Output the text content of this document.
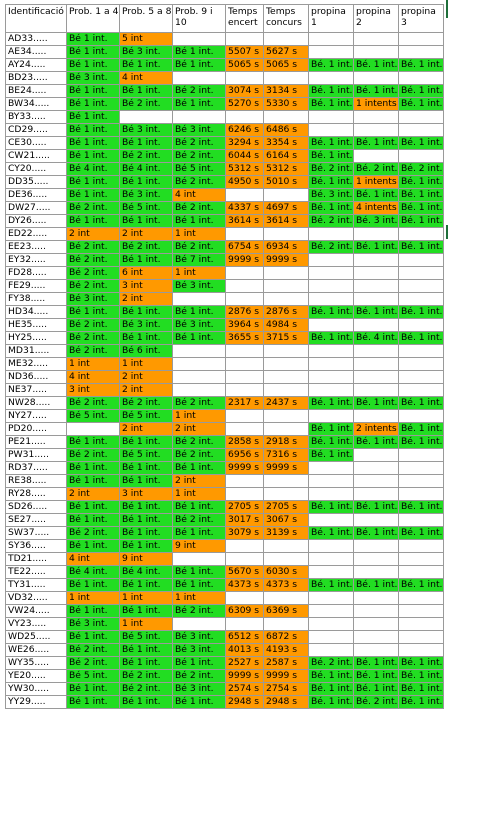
Identificació	Prob. 1 a 4	Prob. 5 a 8	Prob. 9 i 10	Temps encert	Temps concurs	propina 1	propina 2	propina 3
AD33.....	Bé 1 int.	5 int						
AE34.....	Bé 1 int.	Bé 3 int.	Bé 1 int.	5507 s	5627 s			
AY24.....	Bé 1 int.	Bé 1 int.	Bé 1 int.	5065 s	5065 s	Bé. 1 int.	Bé. 1 int.	Bé. 1 int.
BD23.....	Bé 3 int.	4 int						
BE24.....	Bé 1 int.	Bé 1 int.	Bé 2 int.	3074 s	3134 s	Bé. 1 int.	Bé. 1 int.	Bé. 1 int.
BW34.....	Bé 1 int.	Bé 2 int.	Bé 1 int.	5270 s	5330 s	Bé. 1 int.	1 intents	Bé. 1 int.
BY33.....	Bé 1 int.							
CD29.....	Bé 1 int.	Bé 3 int.	Bé 3 int.	6246 s	6486 s			
CE30.....	Bé 1 int.	Bé 1 int.	Bé 2 int.	3294 s	3354 s	Bé. 1 int.	Bé. 1 int.	Bé. 1 int.
CW21.....	Bé 1 int.	Bé 2 int.	Bé 2 int.	6044 s	6164 s	Bé. 1 int.		
CY20.....	Bé 4 int.	Bé 4 int.	Bé 5 int.	5312 s	5312 s	Bé. 2 int.	Bé. 2 int.	Bé. 2 int.
DD35.....	Bé 1 int.	Bé 1 int.	Bé 2 int.	4950 s	5010 s	Bé. 1 int.	1 intents	Bé. 1 int.
DE36.....	Bé 1 int.	Bé 3 int.	4 int			Bé. 3 int.	Bé. 1 int.	Bé. 1 int.
DW27.....	Bé 2 int.	Bé 5 int.	Bé 2 int.	4337 s	4697 s	Bé. 1 int.	4 intents	Bé. 1 int.
DY26.....	Bé 1 int.	Bé 1 int.	Bé 1 int.	3614 s	3614 s	Bé. 2 int.	Bé. 3 int.	Bé. 1 int.
ED22.....	2 int	2 int	1 int					
EE23.....	Bé 2 int.	Bé 2 int.	Bé 2 int.	6754 s	6934 s	Bé. 2 int.	Bé. 1 int.	Bé. 1 int.
EY32.....	Bé 2 int.	Bé 1 int.	Bé 7 int.	9999 s	9999 s			
FD28.....	Bé 2 int.	6 int	1 int					
FE29.....	Bé 2 int.	3 int	Bé 3 int.					
FY38.....	Bé 3 int.	2 int						
HD34.....	Bé 1 int.	Bé 1 int.	Bé 1 int.	2876 s	2876 s	Bé. 1 int.	Bé. 1 int.	Bé. 1 int.
HE35.....	Bé 2 int.	Bé 3 int.	Bé 3 int.	3964 s	4984 s			
HY25.....	Bé 2 int.	Bé 1 int.	Bé 1 int.	3655 s	3715 s	Bé. 1 int.	Bé. 4 int.	Bé. 1 int.
MD31.....	Bé 2 int.	Bé 6 int.						
ME32.....	1 int	1 int						
ND36.....	4 int	2 int						
NE37.....	3 int	2 int						
NW28.....	Bé 2 int.	Bé 2 int.	Bé 2 int.	2317 s	2437 s	Bé. 1 int.	Bé. 1 int.	Bé. 1 int.
NY27.....	Bé 5 int.	Bé 5 int.	1 int					
PD20.....		2 int	2 int			Bé. 1 int.	2 intents	Bé. 1 int.
PE21.....	Bé 1 int.	Bé 1 int.	Bé 2 int.	2858 s	2918 s	Bé. 1 int.	Bé. 1 int.	Bé. 1 int.
PW31.....	Bé 2 int.	Bé 5 int.	Bé 2 int.	6956 s	7316 s	Bé. 1 int.		
RD37.....	Bé 1 int.	Bé 1 int.	Bé 1 int.	9999 s	9999 s			
RE38.....	Bé 1 int.	Bé 1 int.	2 int					
RY28.....	2 int	3 int	1 int					
SD26.....	Bé 1 int.	Bé 1 int.	Bé 1 int.	2705 s	2705 s	Bé. 1 int.	Bé. 1 int.	Bé. 1 int.
SE27.....	Bé 1 int.	Bé 1 int.	Bé 2 int.	3017 s	3067 s			
SW37.....	Bé 2 int.	Bé 1 int.	Bé 1 int.	3079 s	3139 s	Bé. 1 int.	Bé. 1 int.	Bé. 1 int.
SY36.....	Bé 1 int.	Bé 1 int.	9 int					
TD21.....	4 int	9 int						
TE22.....	Bé 4 int.	Bé 4 int.	Bé 1 int.	5670 s	6030 s			
TY31.....	Bé 1 int.	Bé 1 int.	Bé 1 int.	4373 s	4373 s	Bé. 1 int.	Bé. 1 int.	Bé. 1 int.
VD32.....	1 int	1 int	1 int					
VW24.....	Bé 1 int.	Bé 1 int.	Bé 2 int.	6309 s	6369 s			
VY23.....	Bé 3 int.	1 int						
WD25.....	Bé 1 int.	Bé 5 int.	Bé 3 int.	6512 s	6872 s			
WE26.....	Bé 2 int.	Bé 1 int.	Bé 3 int.	4013 s	4193 s			
WY35.....	Bé 2 int.	Bé 1 int.	Bé 1 int.	2527 s	2587 s	Bé. 2 int.	Bé. 1 int.	Bé. 1 int.
YE20.....	Bé 5 int.	Bé 2 int.	Bé 2 int.	9999 s	9999 s	Bé. 1 int.	Bé. 1 int.	Bé. 1 int.
YW30.....	Bé 1 int.	Bé 2 int.	Bé 3 int.	2574 s	2754 s	Bé. 1 int.	Bé. 1 int.	Bé. 1 int.
YY29.....	Bé 1 int.	Bé 1 int.	Bé 1 int.	2948 s	2948 s	Bé. 1 int.	Bé. 2 int.	Bé. 1 int.
